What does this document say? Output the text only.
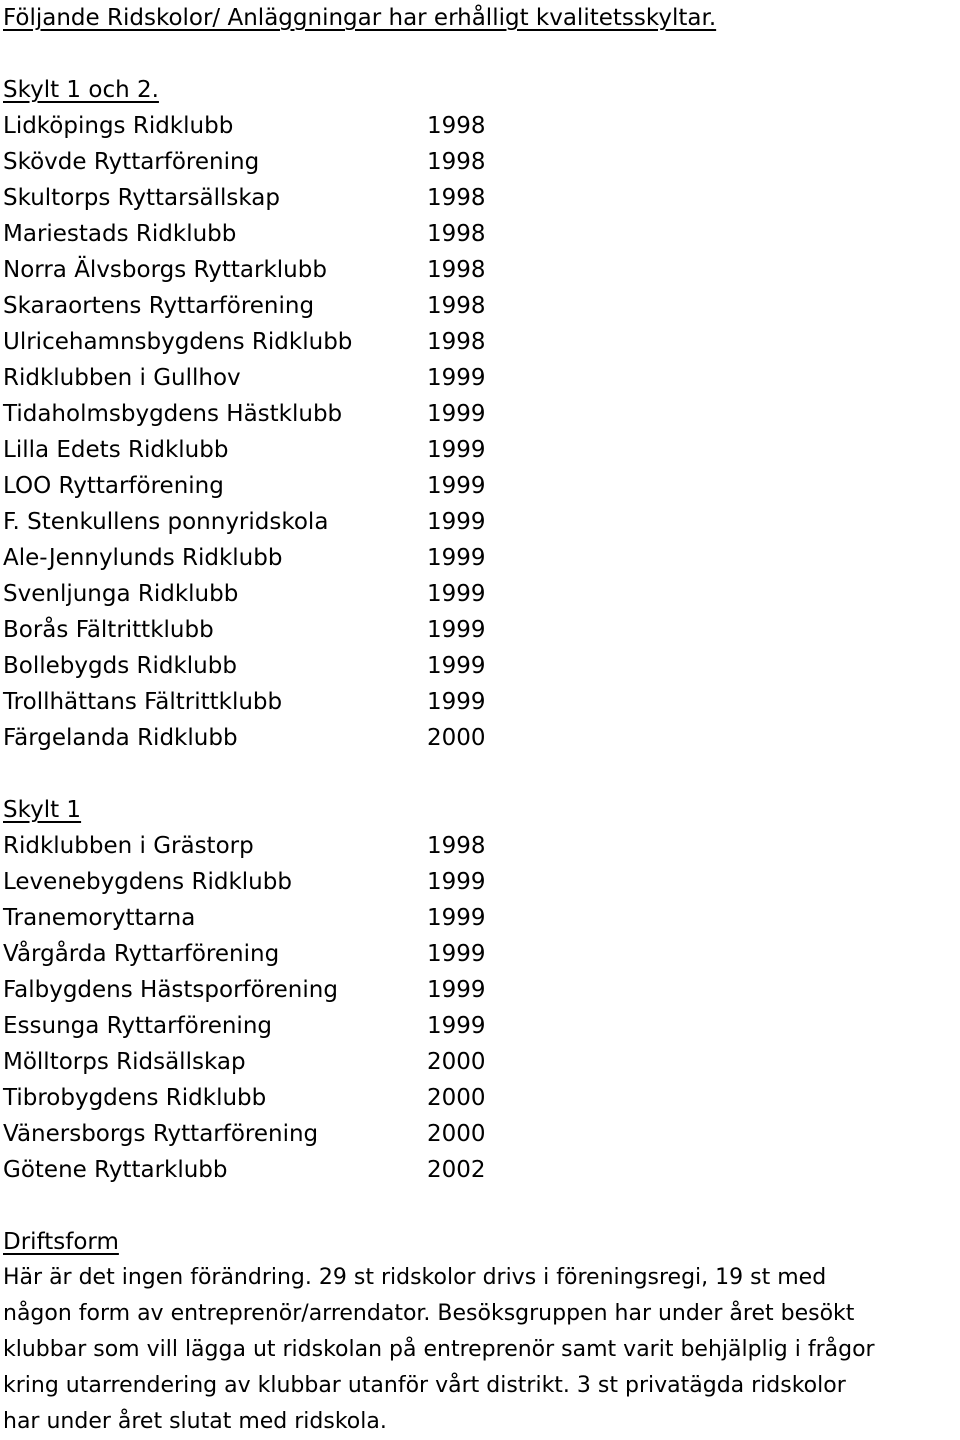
Följande Ridskolor/ Anläggningar har erhålligt kvalitetsskyltar.
Skylt 1 och 2.
Lidköpings Ridklubb	1998
Skövde Ryttarförening	1998
Skultorps Ryttarsällskap	1998
Mariestads Ridklubb	1998
Norra Älvsborgs Ryttarklubb	1998
Skaraortens Ryttarförening	1998
Ulricehamnsbygdens Ridklubb	1998
Ridklubben i Gullhov	1999
Tidaholmsbygdens Hästklubb	1999
Lilla Edets Ridklubb	1999
LOO Ryttarförening	1999
F. Stenkullens ponnyridskola	1999
Ale-Jennylunds Ridklubb	1999
Svenljunga Ridklubb	1999
Borås Fältrittklubb	1999
Bollebygds Ridklubb	1999
Trollhättans Fältrittklubb	1999
Färgelanda Ridklubb	2000
Skylt 1
Ridklubben i Grästorp	1998
Levenebygdens Ridklubb	1999
Tranemoryttarna	1999
Vårgårda Ryttarförening	1999
Falbygdens Hästsporförening	1999
Essunga Ryttarförening	1999
Mölltorps Ridsällskap	2000
Tibrobygdens Ridklubb	2000
Vänersborgs Ryttarförening	2000
Götene Ryttarklubb	2002
Driftsform
Här är det ingen förändring. 29 st ridskolor drivs i föreningsregi, 19 st med
någon form av entreprenör/arrendator. Besöksgruppen har under året besökt
klubbar som vill lägga ut ridskolan på entreprenör samt varit behjälplig i frågor
kring utarrendering av klubbar utanför vårt distrikt. 3 st privatägda ridskolor
har under året slutat med ridskola.
